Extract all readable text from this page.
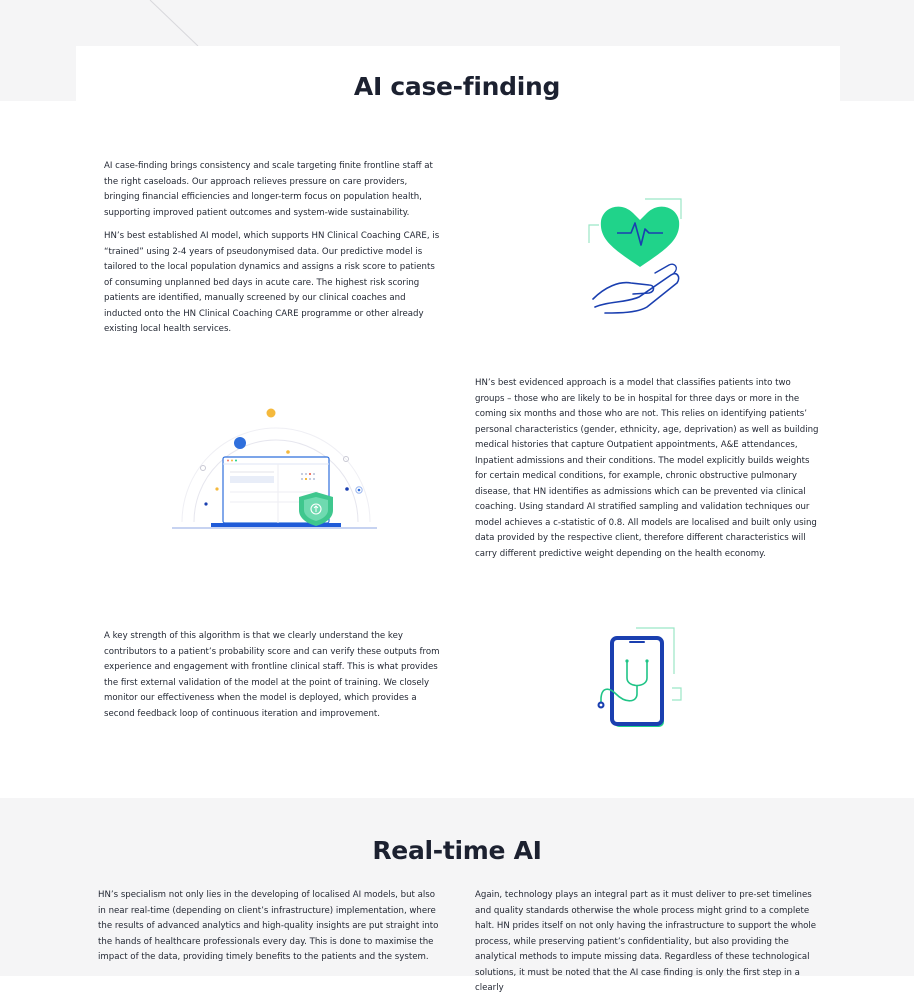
AI case-finding

AI case-finding brings consistency and scale targeting finite frontline staff at the right caseloads. Our approach relieves pressure on care providers, bringing financial efficiencies and longer-term focus on population health, supporting improved patient outcomes and system-wide sustainability.

HN’s best established AI model, which supports HN Clinical Coaching CARE, is “trained” using 2-4 years of pseudonymised data. Our predictive model is tailored to the local population dynamics and assigns a risk score to patients of consuming unplanned bed days in acute care. The highest risk scoring patients are identified, manually screened by our clinical coaches and inducted onto the HN Clinical Coaching CARE programme or other already existing local health services.

HN’s best evidenced approach is a model that classifies patients into two groups – those who are likely to be in hospital for three days or more in the coming six months and those who are not. This relies on identifying patients’ personal characteristics (gender, ethnicity, age, deprivation) as well as building medical histories that capture Outpatient appointments, A&E attendances, Inpatient admissions and their conditions. The model explicitly builds weights for certain medical conditions, for example, chronic obstructive pulmonary disease, that HN identifies as admissions which can be prevented via clinical coaching. Using standard AI stratified sampling and validation techniques our model achieves a c-statistic of 0.8. All models are localised and built only using data provided by the respective client, therefore different characteristics will carry different predictive weight depending on the health economy.

A key strength of this algorithm is that we clearly understand the key contributors to a patient’s probability score and can verify these outputs from experience and engagement with frontline clinical staff. This is what provides the first external validation of the model at the point of training. We closely monitor our effectiveness when the model is deployed, which provides a second feedback loop of continuous iteration and improvement.

Real-time AI

HN’s specialism not only lies in the developing of localised AI models, but also in near real-time (depending on client’s infrastructure) implementation, where the results of advanced analytics and high-quality insights are put straight into the hands of healthcare professionals every day. This is done to maximise the impact of the data, providing timely benefits to the patients and the system.

Again, technology plays an integral part as it must deliver to pre-set timelines and quality standards otherwise the whole process might grind to a complete halt. HN prides itself on not only having the infrastructure to support the whole process, while preserving patient’s confidentiality, but also providing the analytical methods to impute missing data. Regardless of these technological solutions, it must be noted that the AI case finding is only the first step in a clearly
